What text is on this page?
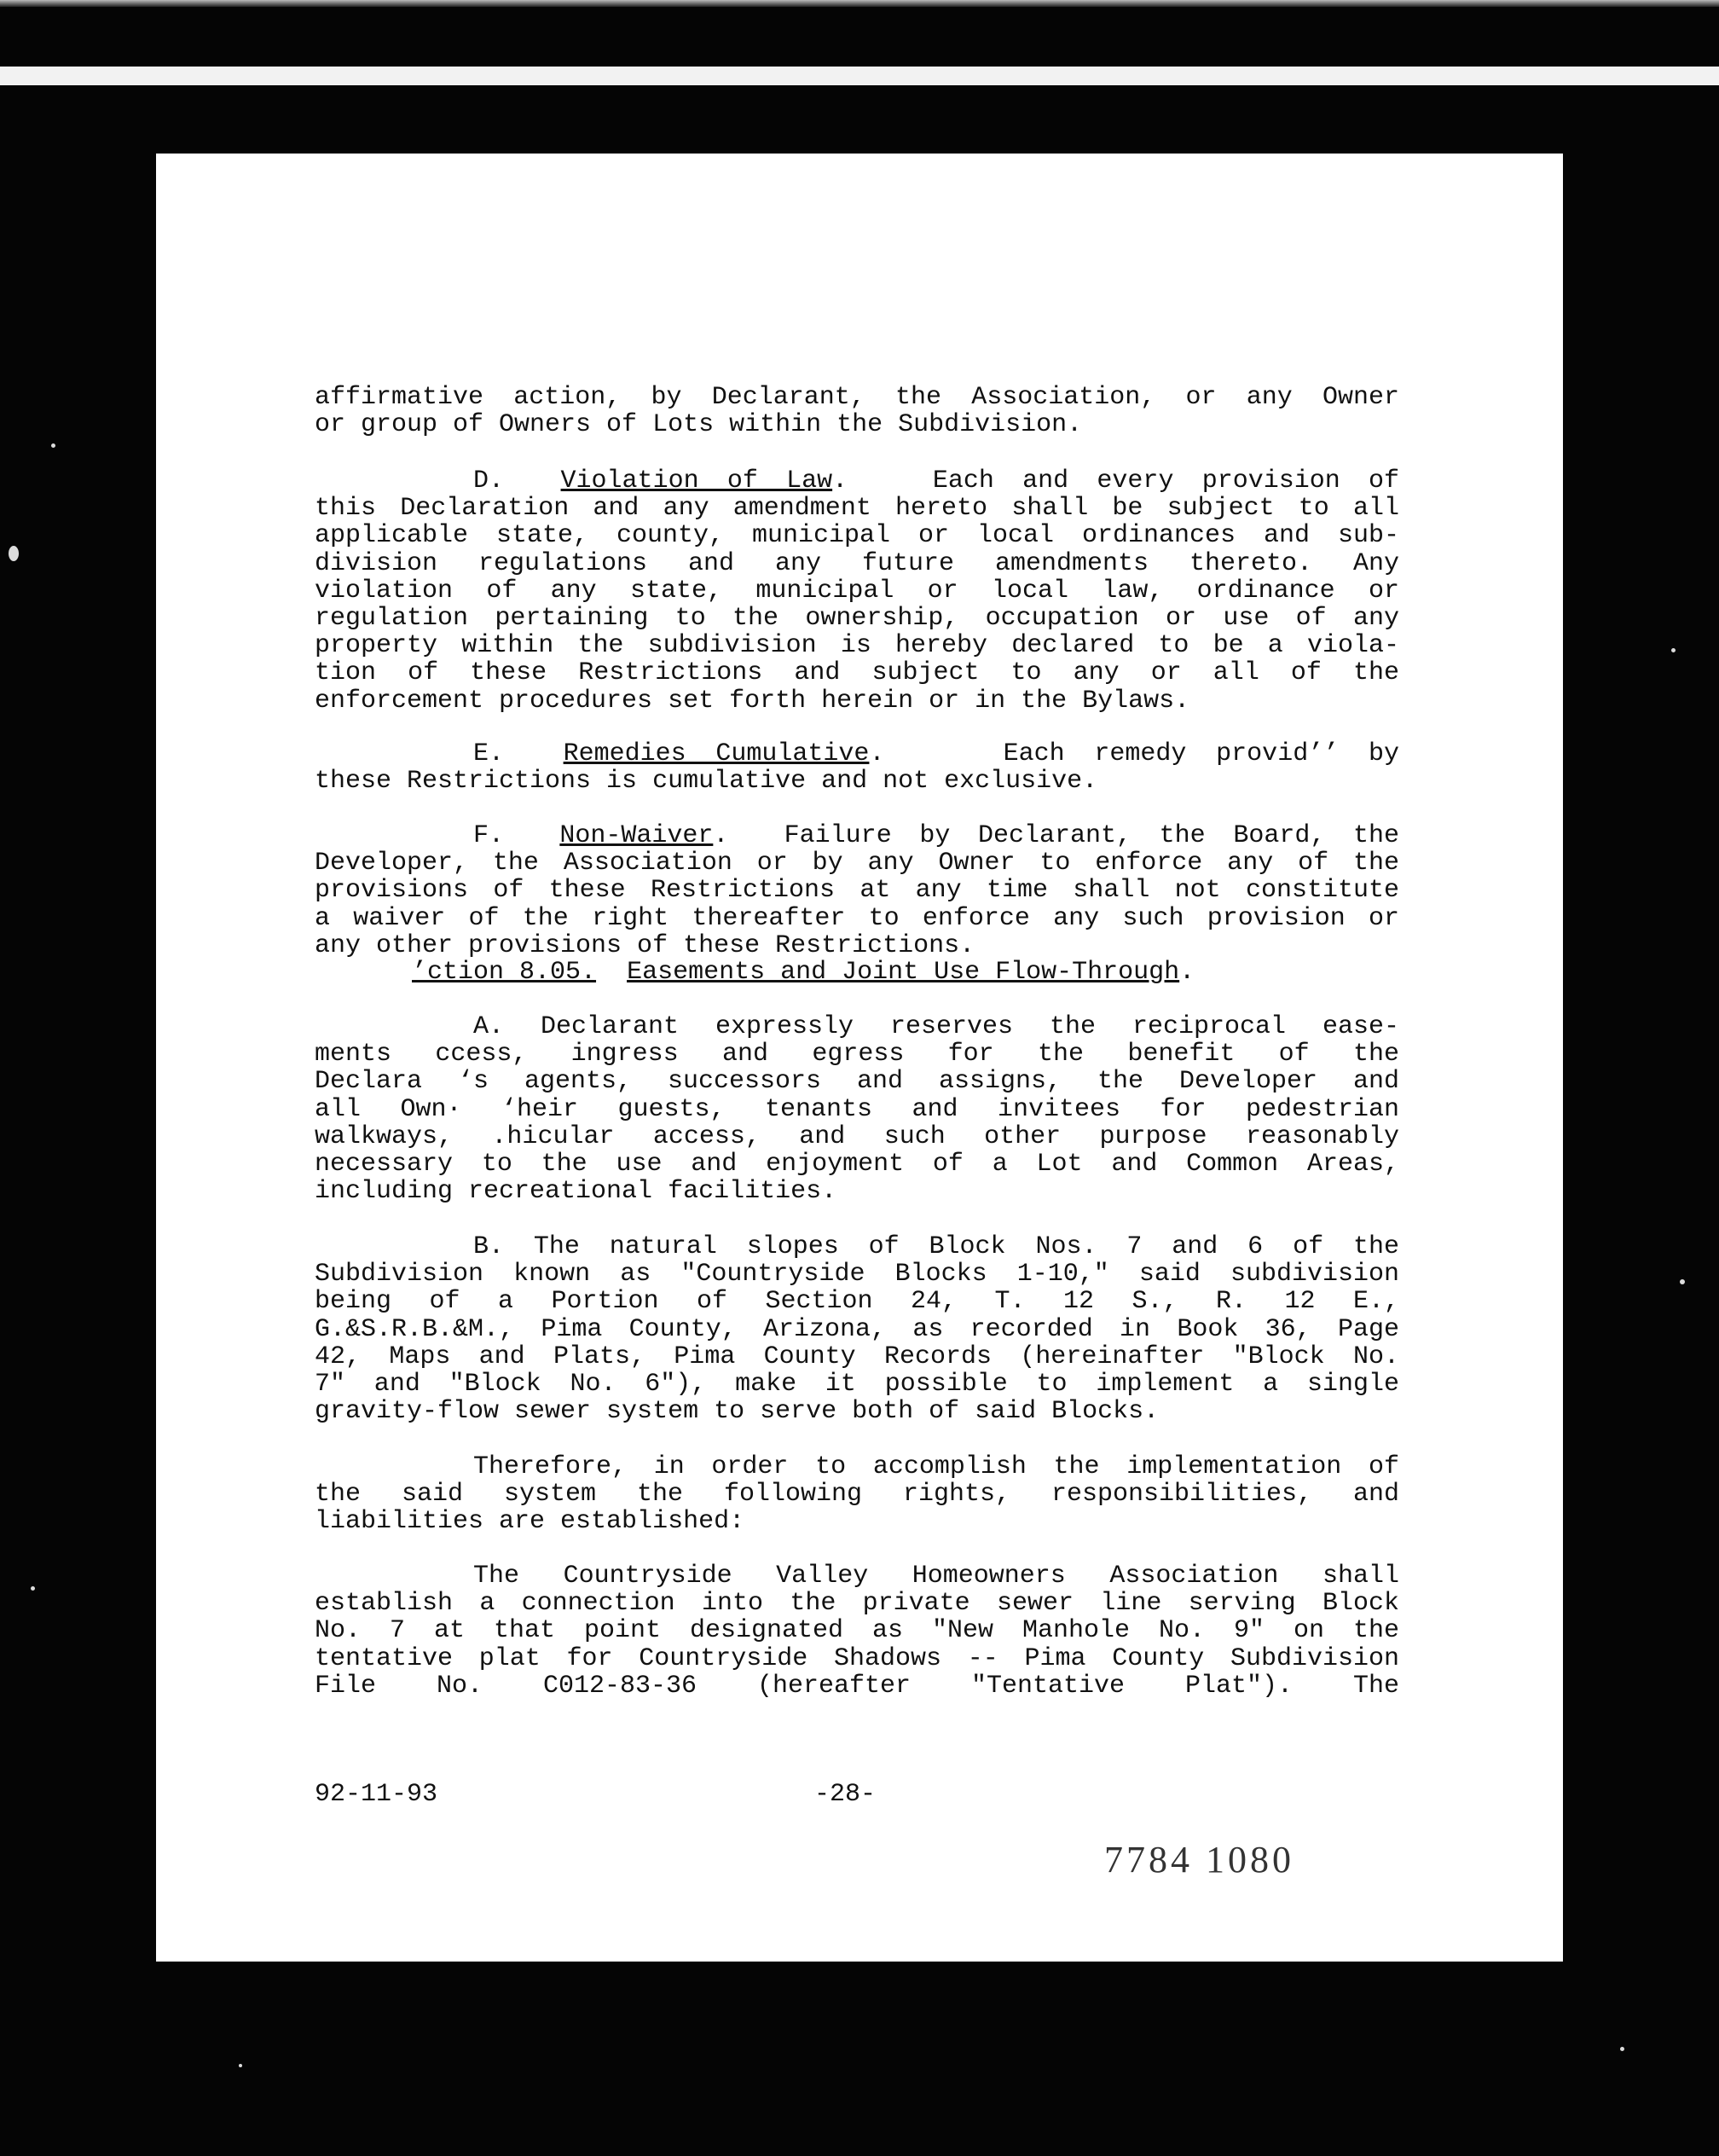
affirmative action, by Declarant, the Association, or any Owner
or group of Owners of Lots within the Subdivision.
D. Violation of Law.   Each and every provision of
this Declaration and any amendment hereto shall be subject to all
applicable state, county, municipal or local ordinances and sub-
division regulations and any future amendments thereto. Any
violation of any state, municipal or local law, ordinance or
regulation pertaining to the ownership, occupation or use of any
property within the subdivision is hereby declared to be a viola-
tion of these Restrictions and subject to any or all of the
enforcement procedures set forth herein or in the Bylaws.
E. Remedies Cumulative.    Each remedy provid’’ by
these Restrictions is cumulative and not exclusive.
F. Non-Waiver.  Failure by Declarant, the Board, the
Developer, the Association or by any Owner to enforce any of the
provisions of these Restrictions at any time shall not constitute
a waiver of the right thereafter to enforce any such provision or
any other provisions of these Restrictions.
’ction 8.05. Easements and Joint Use Flow-Through.
A. Declarant expressly reserves the reciprocal ease-
ments ccess, ingress and egress for the benefit of the
Declara ‘s agents, successors and assigns, the Developer and
all Own· ‘heir guests, tenants and invitees for pedestrian
walkways, .hicular access, and such other purpose reasonably
necessary to the use and enjoyment of a Lot and Common Areas,
including recreational facilities.
B. The natural slopes of Block Nos. 7 and 6 of the
Subdivision known as "Countryside Blocks 1-10," said subdivision
being of a Portion of Section 24, T. 12 S., R. 12 E.,
G.&S.R.B.&M., Pima County, Arizona, as recorded in Book 36, Page
42, Maps and Plats, Pima County Records (hereinafter "Block No.
7" and "Block No. 6"), make it possible to implement a single
gravity-flow sewer system to serve both of said Blocks.
Therefore, in order to accomplish the implementation of
the said system the following rights, responsibilities, and
liabilities are established:
The Countryside Valley Homeowners Association shall
establish a connection into the private sewer line serving Block
No. 7 at that point designated as "New Manhole No. 9" on the
tentative plat for Countryside Shadows -- Pima County Subdivision
File No. C012-83-36 (hereafter "Tentative Plat"). The
92-11-93	-28-
7784 1080
